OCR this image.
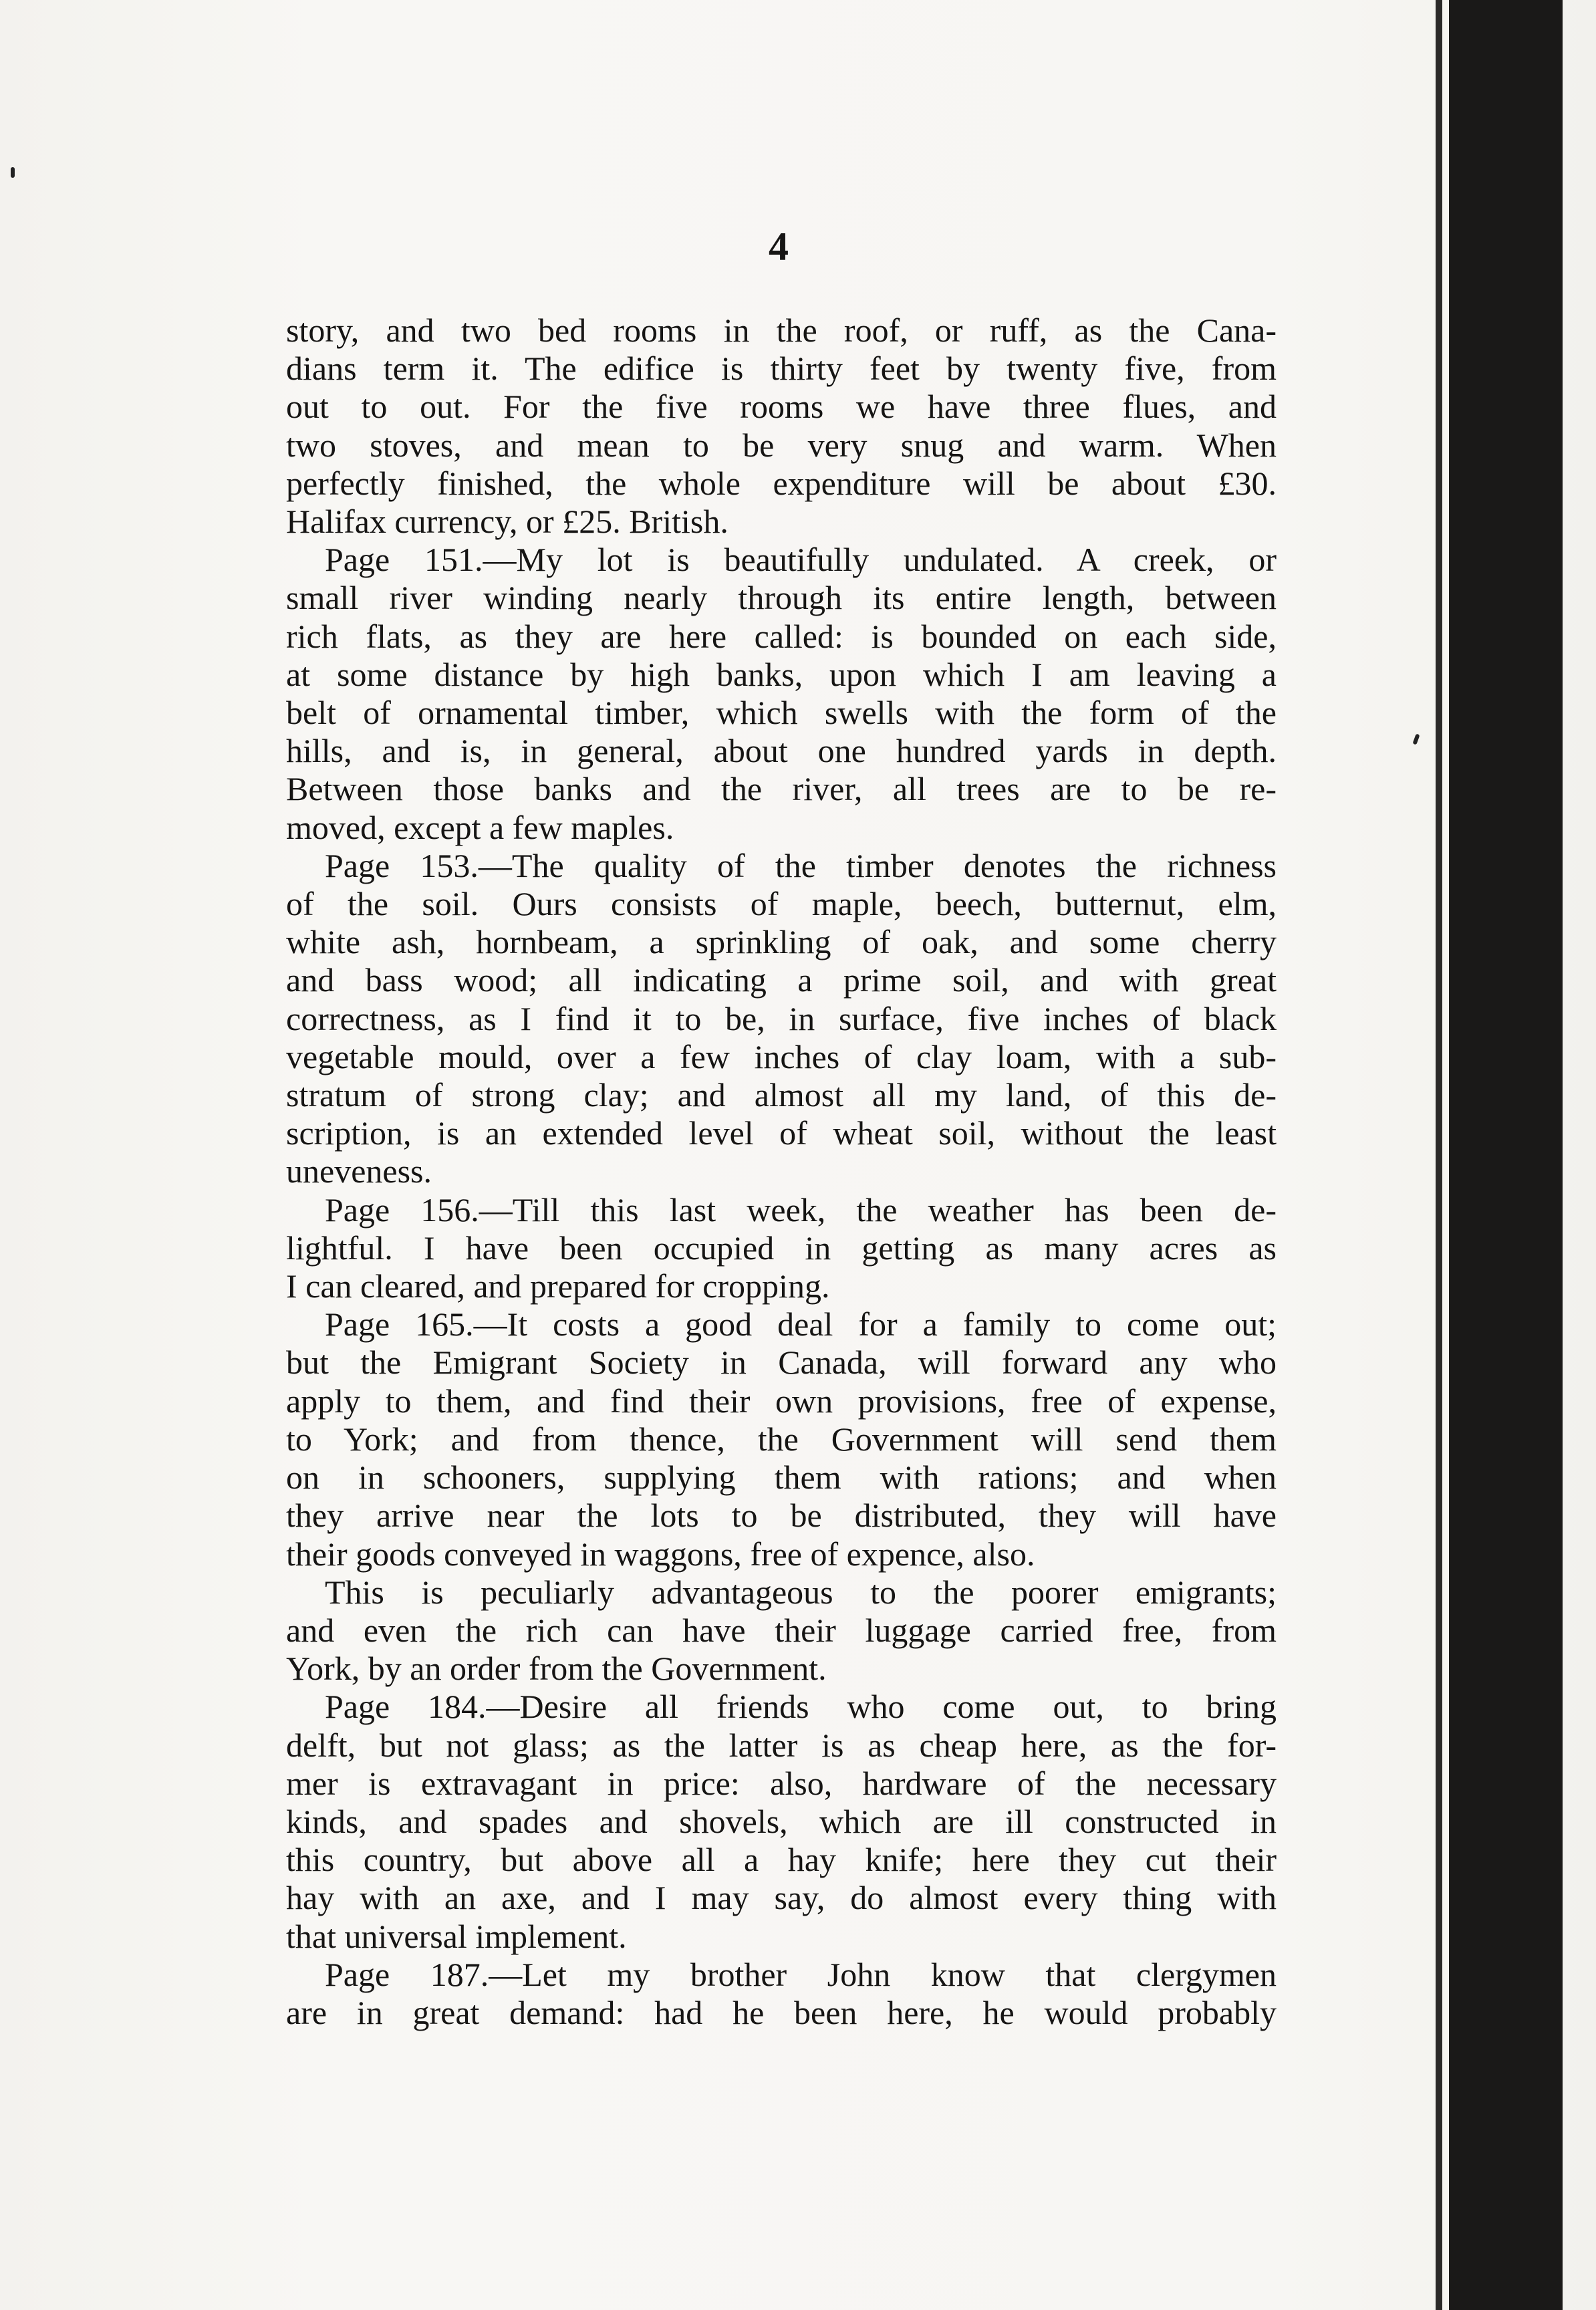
4
story, and two bed rooms in the roof, or ruff, as the Cana-
dians term it. The edifice is thirty feet by twenty five, from
out to out. For the five rooms we have three flues, and
two stoves, and mean to be very snug and warm. When
perfectly finished, the whole expenditure will be about £30.
Halifax currency, or £25. British.
Page 151.—My lot is beautifully undulated. A creek, or
small river winding nearly through its entire length, between
rich flats, as they are here called: is bounded on each side,
at some distance by high banks, upon which I am leaving a
belt of ornamental timber, which swells with the form of the
hills, and is, in general, about one hundred yards in depth.
Between those banks and the river, all trees are to be re-
moved, except a few maples.
Page 153.—The quality of the timber denotes the richness
of the soil. Ours consists of maple, beech, butternut, elm,
white ash, hornbeam, a sprinkling of oak, and some cherry
and bass wood; all indicating a prime soil, and with great
correctness, as I find it to be, in surface, five inches of black
vegetable mould, over a few inches of clay loam, with a sub-
stratum of strong clay; and almost all my land, of this de-
scription, is an extended level of wheat soil, without the least
uneveness.
Page 156.—Till this last week, the weather has been de-
lightful. I have been occupied in getting as many acres as
I can cleared, and prepared for cropping.
Page 165.—It costs a good deal for a family to come out;
but the Emigrant Society in Canada, will forward any who
apply to them, and find their own provisions, free of expense,
to York; and from thence, the Government will send them
on in schooners, supplying them with rations; and when
they arrive near the lots to be distributed, they will have
their goods conveyed in waggons, free of expence, also.
This is peculiarly advantageous to the poorer emigrants;
and even the rich can have their luggage carried free, from
York, by an order from the Government.
Page 184.—Desire all friends who come out, to bring
delft, but not glass; as the latter is as cheap here, as the for-
mer is extravagant in price: also, hardware of the necessary
kinds, and spades and shovels, which are ill constructed in
this country, but above all a hay knife; here they cut their
hay with an axe, and I may say, do almost every thing with
that universal implement.
Page 187.—Let my brother John know that clergymen
are in great demand: had he been here, he would probably
